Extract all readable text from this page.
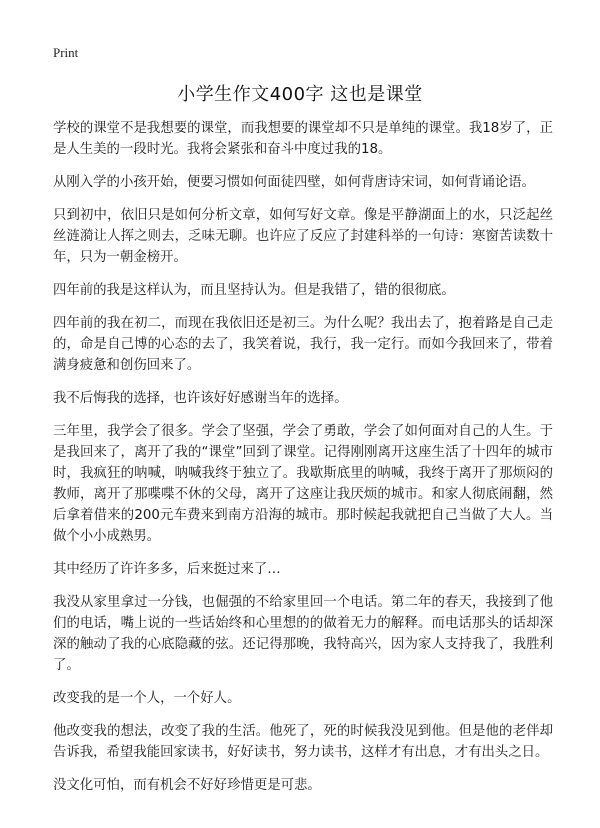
Print
小学生作文400字 这也是课堂

学校的课堂不是我想要的课堂，而我想要的课堂却不只是单纯的课堂。我18岁了，正是人生美的一段时光。我将会紧张和奋斗中度过我的18。

从刚入学的小孩开始，便要习惯如何面徒四壁，如何背唐诗宋词，如何背诵论语。

只到初中，依旧只是如何分析文章，如何写好文章。像是平静湖面上的水，只泛起丝丝涟漪让人挥之则去，乏味无聊。也许应了反应了封建科举的一句诗：寒窗苦读数十年，只为一朝金榜开。

四年前的我是这样认为，而且坚持认为。但是我错了，错的很彻底。

四年前的我在初二，而现在我依旧还是初三。为什么呢？我出去了，抱着路是自己走的，命是自己博的心态的去了，我笑着说，我行，我一定行。而如今我回来了，带着满身疲惫和创伤回来了。

我不后悔我的选择，也许该好好感谢当年的选择。

三年里，我学会了很多。学会了坚强，学会了勇敢，学会了如何面对自己的人生。于是我回来了，离开了我的“课堂”回到了课堂。记得刚刚离开这座生活了十四年的城市时，我疯狂的呐喊，呐喊我终于独立了。我歇斯底里的呐喊，我终于离开了那烦闷的教师，离开了那喋喋不休的父母，离开了这座让我厌烦的城市。和家人彻底闹翻，然后拿着借来的200元车费来到南方沿海的城市。那时候起我就把自己当做了大人。当做个小小成熟男。

其中经历了许许多多，后来挺过来了…

我没从家里拿过一分钱，也倔强的不给家里回一个电话。第二年的春天，我接到了他们的电话，嘴上说的一些话始终和心里想的的做着无力的解释。而电话那头的话却深深的触动了我的心底隐藏的弦。还记得那晚，我特高兴，因为家人支持我了，我胜利了。

改变我的是一个人，一个好人。

他改变我的想法，改变了我的生活。他死了，死的时候我没见到他。但是他的老伴却告诉我，希望我能回家读书，好好读书，努力读书，这样才有出息，才有出头之日。

没文化可怕，而有机会不好好珍惜更是可悲。
